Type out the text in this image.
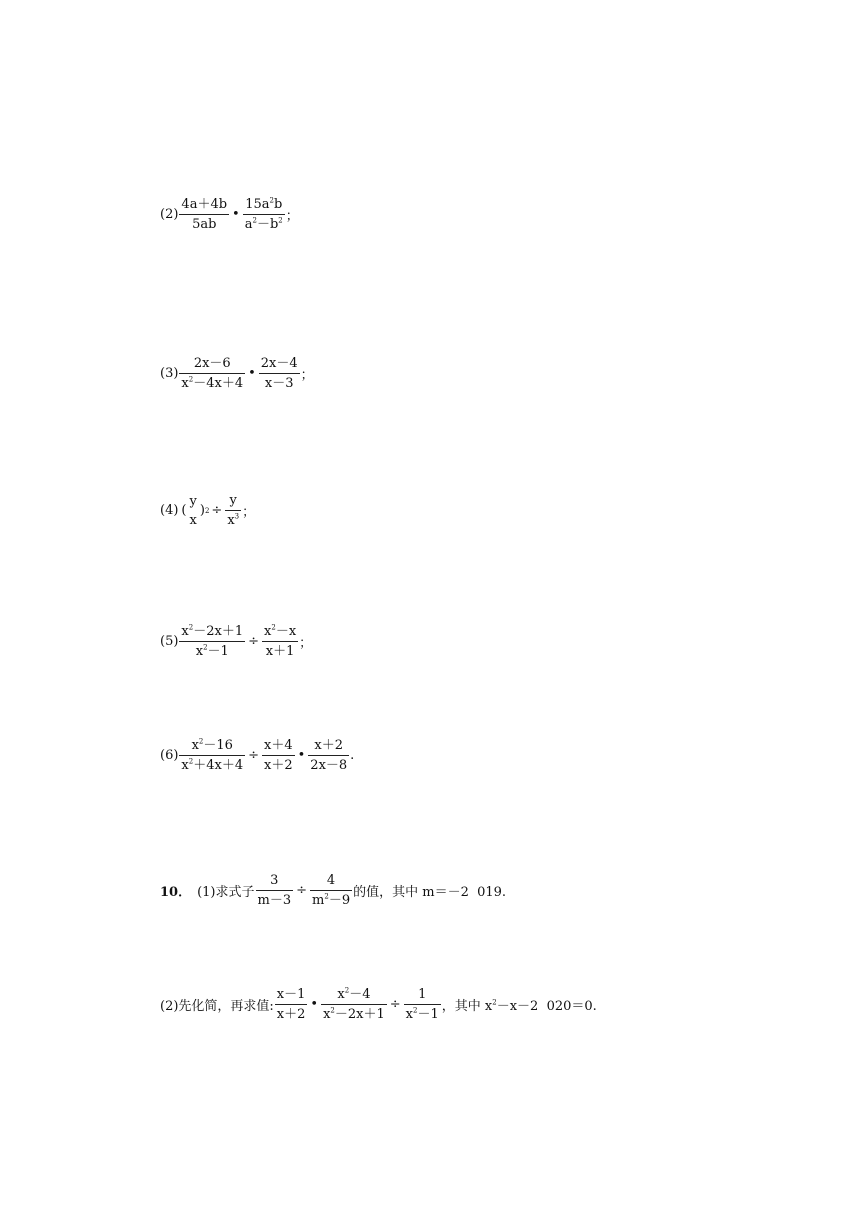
$(2) \frac{4a+4b}{5ab}$ • $\frac{15a^2b}{a^2-b^2}$ ；
$(3) \frac{2x-6}{x^2-4x+4}$ • $\frac{2x-4}{x-3}$ ；
(4) (
y
x
) $2 \div \frac{y}{x^3}$ ；
$(5) \frac{x^2-2x+1}{x^2-1} \div \frac{x^2-x}{x+1}$ ；
$(6) \frac{x^2-16}{x^2+4x+4} \div \frac{x+4}{x+2}$ • $\frac{x+2}{2x-8}$ .
10． (1)求式子 $\frac{3}{m-3} \div \frac{4}{m^2-9}$ 的值，其中 m＝－2  019.
(2)先化简，再求值: $\frac{x-1}{x+2}$ • $\frac{x^2-4}{x^2-2x+1} \div \frac{1}{x^2-1}$ ，其中 $x^2-x-2$  020＝0.
